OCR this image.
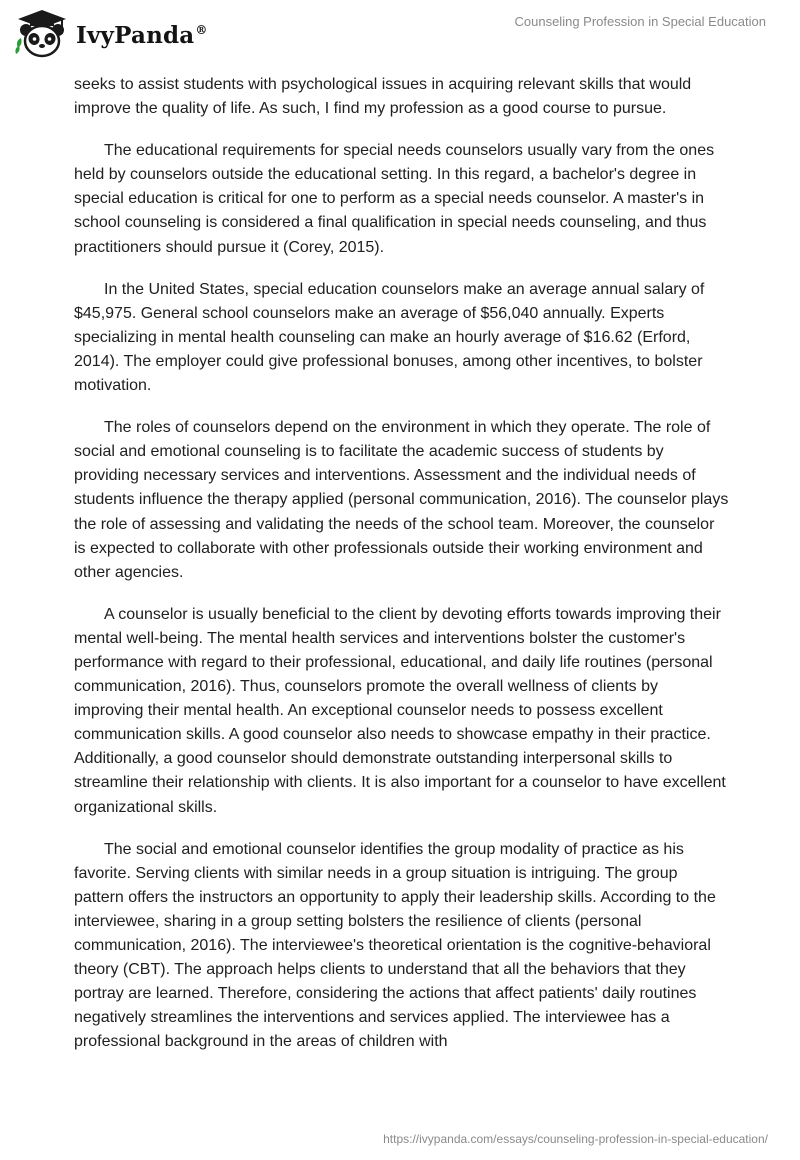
IvyPanda®
Counseling Profession in Special Education

seeks to assist students with psychological issues in acquiring relevant skills that would improve the quality of life. As such, I find my profession as a good course to pursue.

The educational requirements for special needs counselors usually vary from the ones held by counselors outside the educational setting. In this regard, a bachelor's degree in special education is critical for one to perform as a special needs counselor. A master's in school counseling is considered a final qualification in special needs counseling, and thus practitioners should pursue it (Corey, 2015).

In the United States, special education counselors make an average annual salary of $45,975. General school counselors make an average of $56,040 annually. Experts specializing in mental health counseling can make an hourly average of $16.62 (Erford, 2014). The employer could give professional bonuses, among other incentives, to bolster motivation.

The roles of counselors depend on the environment in which they operate. The role of social and emotional counseling is to facilitate the academic success of students by providing necessary services and interventions. Assessment and the individual needs of students influence the therapy applied (personal communication, 2016). The counselor plays the role of assessing and validating the needs of the school team. Moreover, the counselor is expected to collaborate with other professionals outside their working environment and other agencies.

A counselor is usually beneficial to the client by devoting efforts towards improving their mental well-being. The mental health services and interventions bolster the customer's performance with regard to their professional, educational, and daily life routines (personal communication, 2016). Thus, counselors promote the overall wellness of clients by improving their mental health. An exceptional counselor needs to possess excellent communication skills. A good counselor also needs to showcase empathy in their practice. Additionally, a good counselor should demonstrate outstanding interpersonal skills to streamline their relationship with clients. It is also important for a counselor to have excellent organizational skills.

The social and emotional counselor identifies the group modality of practice as his favorite. Serving clients with similar needs in a group situation is intriguing. The group pattern offers the instructors an opportunity to apply their leadership skills. According to the interviewee, sharing in a group setting bolsters the resilience of clients (personal communication, 2016). The interviewee's theoretical orientation is the cognitive-behavioral theory (CBT). The approach helps clients to understand that all the behaviors that they portray are learned. Therefore, considering the actions that affect patients' daily routines negatively streamlines the interventions and services applied. The interviewee has a professional background in the areas of children with

https://ivypanda.com/essays/counseling-profession-in-special-education/
